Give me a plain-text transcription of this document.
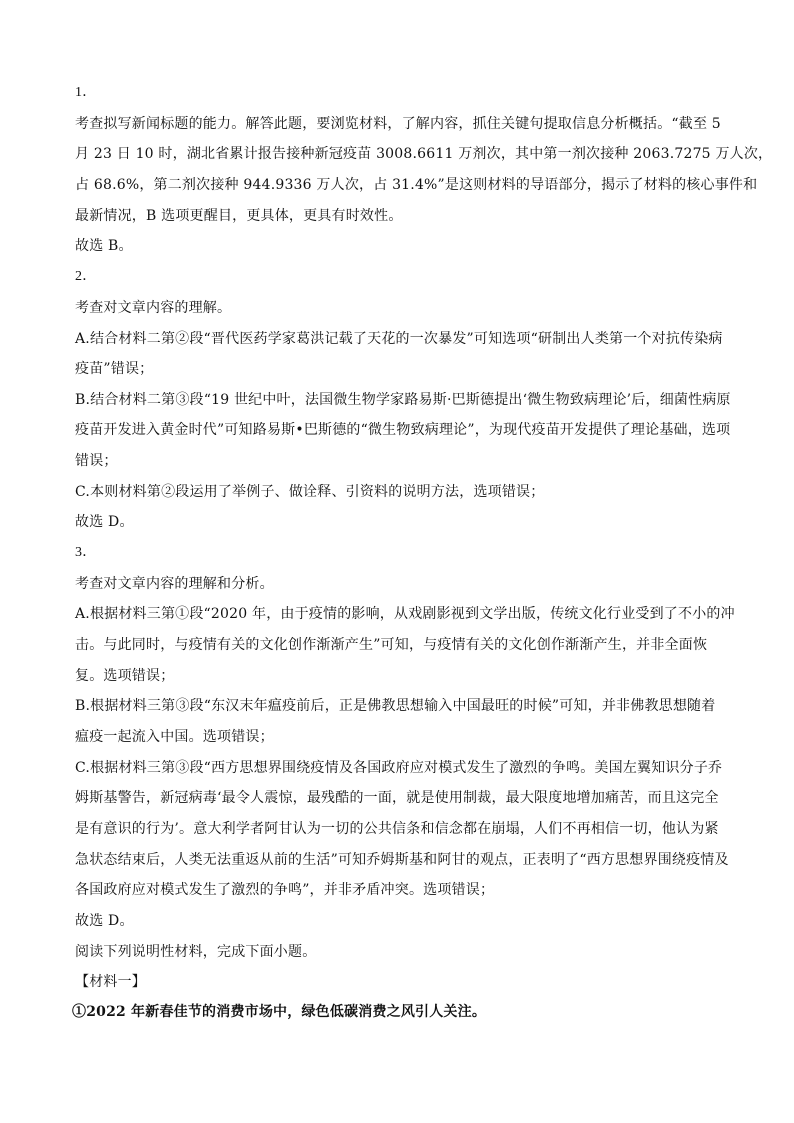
1．
考查拟写新闻标题的能力。解答此题，要浏览材料，了解内容，抓住关键句提取信息分析概括。“截至 5
月 23 日 10 时，湖北省累计报告接种新冠疫苗 3008.6611 万剂次，其中第一剂次接种 2063.7275 万人次，
占 68.6%，第二剂次接种 944.9336 万人次，占 31.4%”是这则材料的导语部分，揭示了材料的核心事件和
最新情况，B 选项更醒目，更具体，更具有时效性。
故选 B。
2．
考查对文章内容的理解。
A.结合材料二第②段“晋代医药学家葛洪记载了天花的一次暴发”可知选项“研制出人类第一个对抗传染病
疫苗”错误；
B.结合材料二第③段“19 世纪中叶，法国微生物学家路易斯·巴斯德提出‘微生物致病理论’后，细菌性病原
疫苗开发进入黄金时代”可知路易斯•巴斯德的“微生物致病理论”，为现代疫苗开发提供了理论基础，选项
错误；
C.本则材料第②段运用了举例子、做诠释、引资料的说明方法，选项错误；
故选 D。
3．
考查对文章内容的理解和分析。
A.根据材料三第①段“2020 年，由于疫情的影响，从戏剧影视到文学出版，传统文化行业受到了不小的冲
击。与此同时，与疫情有关的文化创作渐渐产生”可知，与疫情有关的文化创作渐渐产生，并非全面恢
复。选项错误；
B.根据材料三第③段“东汉末年瘟疫前后，正是佛教思想输入中国最旺的时候”可知，并非佛教思想随着
瘟疫一起流入中国。选项错误；
C.根据材料三第③段“西方思想界围绕疫情及各国政府应对模式发生了激烈的争鸣。美国左翼知识分子乔
姆斯基警告，新冠病毒‘最令人震惊，最残酷的一面，就是使用制裁，最大限度地增加痛苦，而且这完全
是有意识的行为’。意大利学者阿甘认为一切的公共信条和信念都在崩塌，人们不再相信一切，他认为紧
急状态结束后，人类无法重返从前的生活”可知乔姆斯基和阿甘的观点，正表明了“西方思想界围绕疫情及
各国政府应对模式发生了激烈的争鸣”，并非矛盾冲突。选项错误；
故选 D。
阅读下列说明性材料，完成下面小题。
【材料一】
①2022 年新春佳节的消费市场中，绿色低碳消费之风引人关注。
